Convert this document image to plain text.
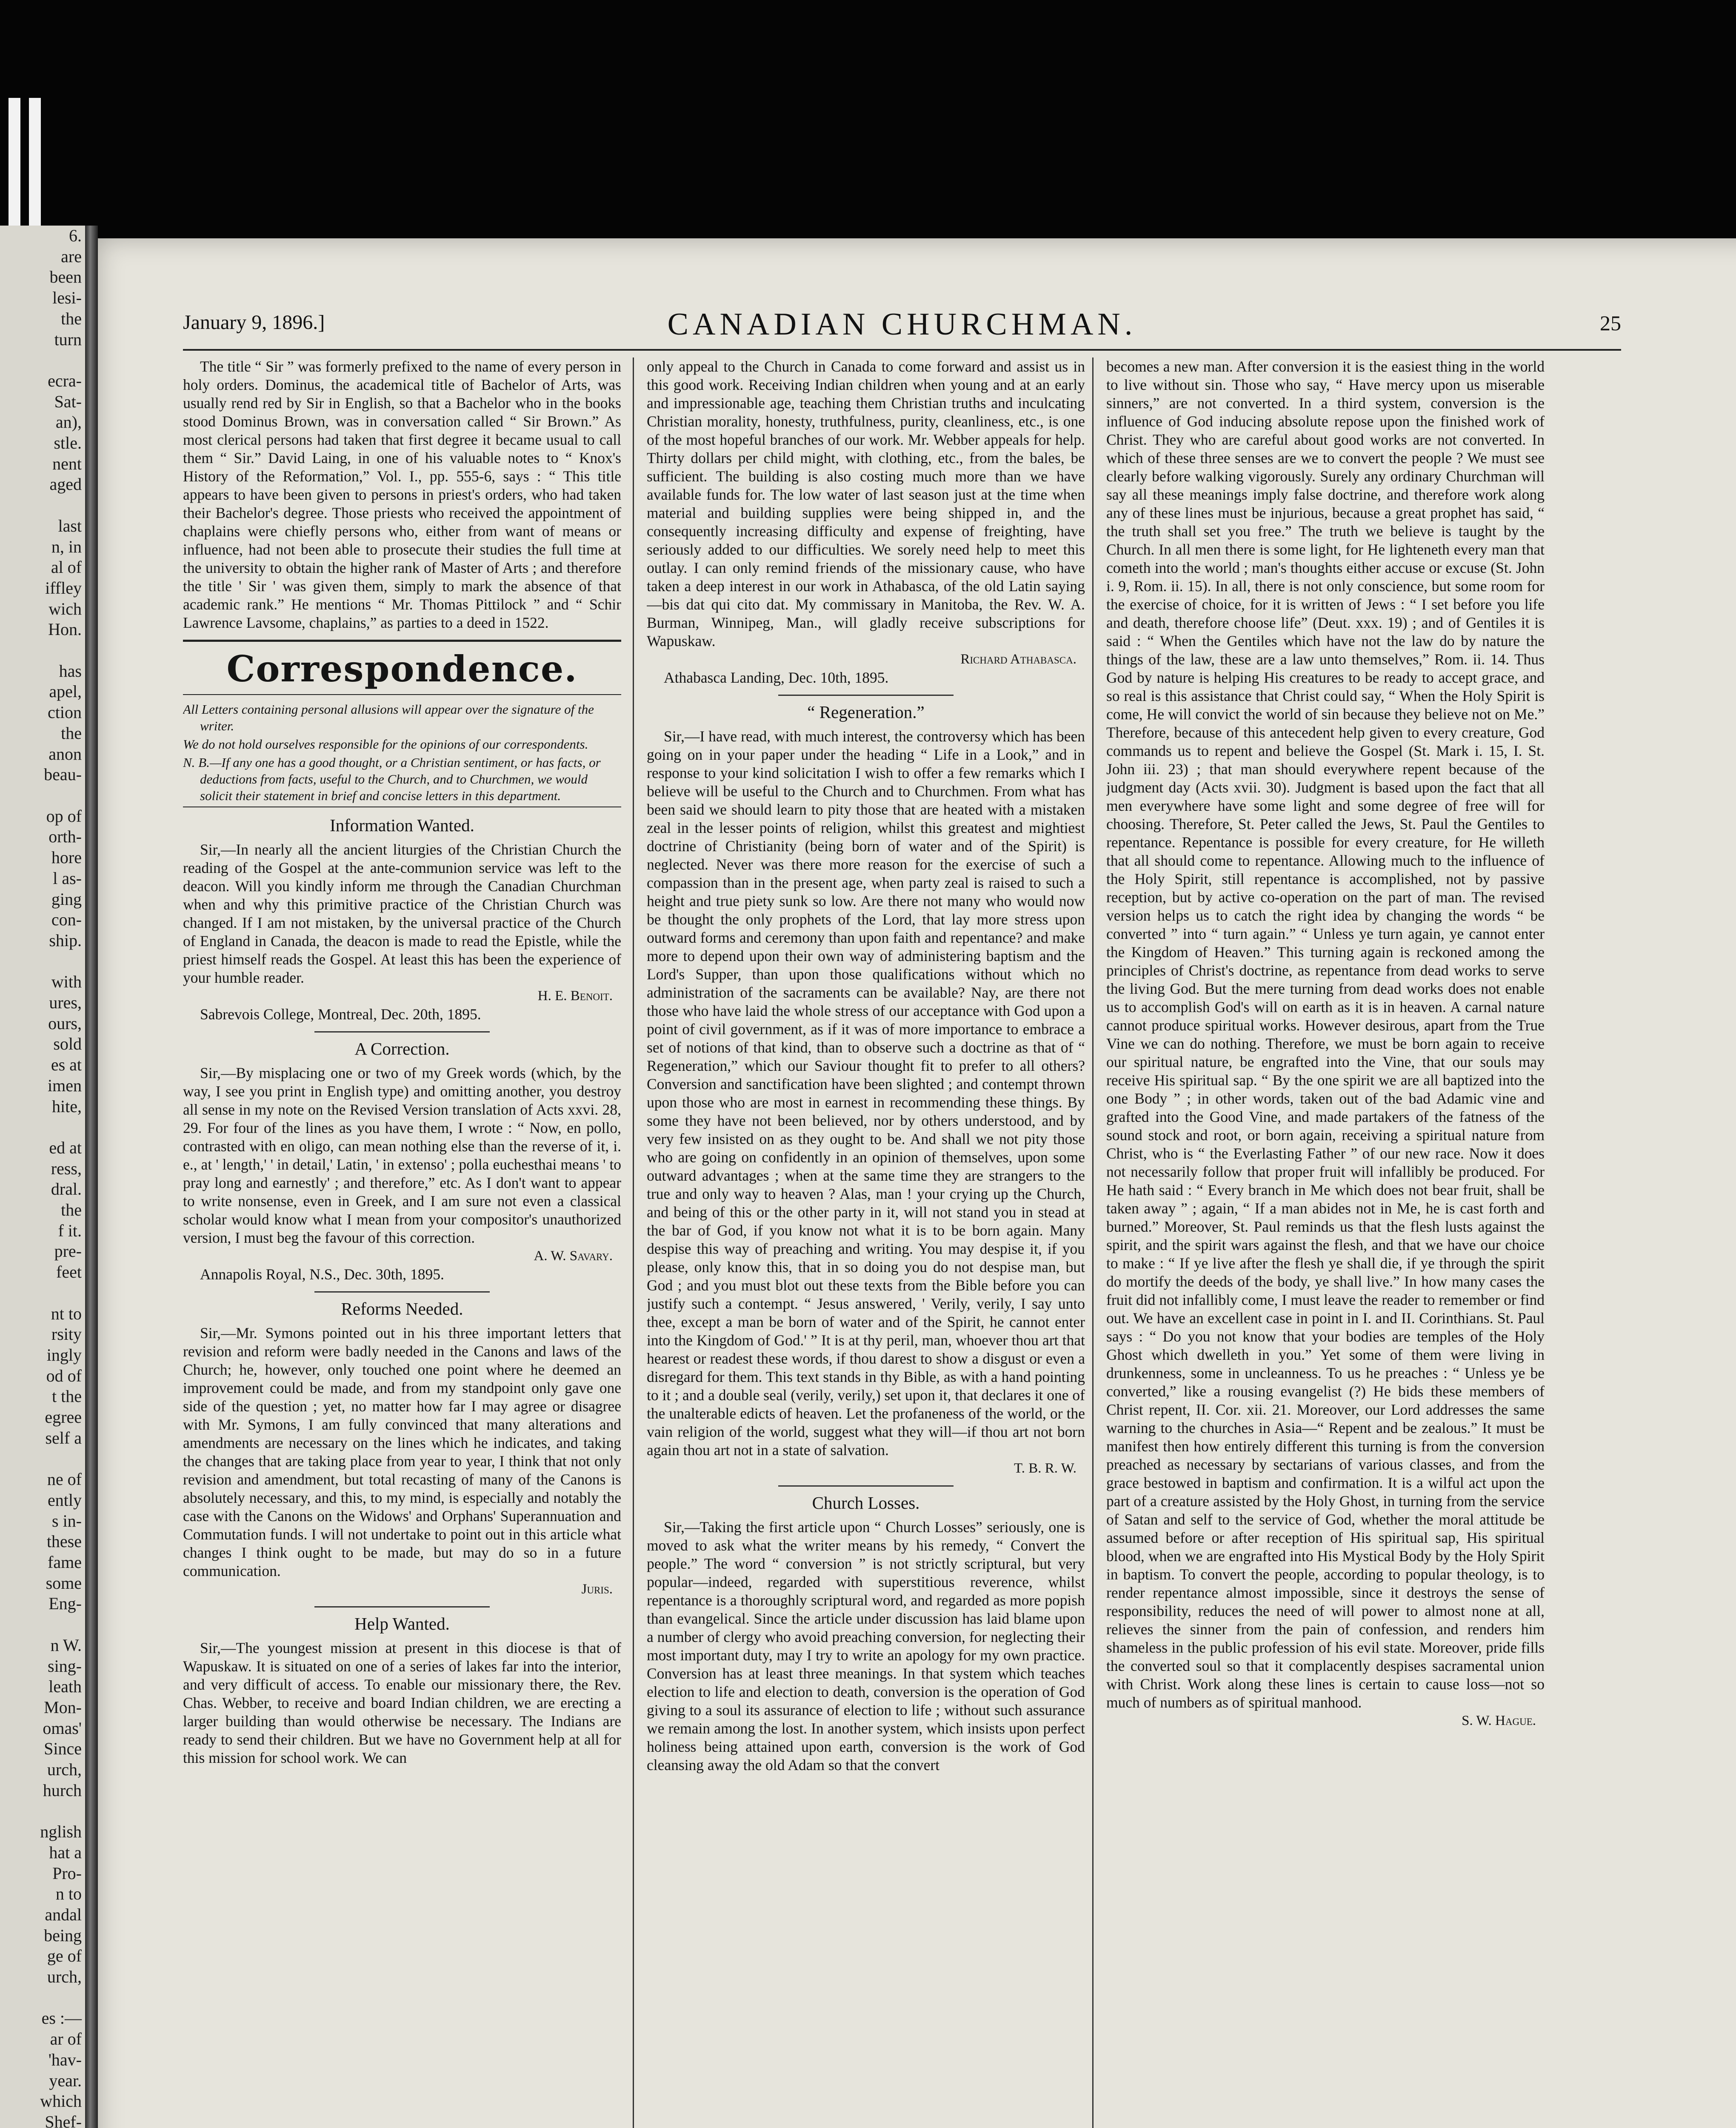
6.
are
been
lesi-
the
turn

ecra-
Sat-
an),
stle.
nent
aged

last
n, in
al of
iffley
wich
Hon.

has
apel,
ction
the
anon
beau-

op of
orth-
hore
l as-
ging
con-
ship.

with
ures,
ours,
sold
es at
imen
hite,

ed at
ress,
dral.
the
f it.
pre-
feet

nt to
rsity
ingly
od of
t the
egree
self a

ne of
ently
s in-
these
fame
some
Eng-

n W.
sing-
leath
Mon-
omas'
Since
urch,
hurch

nglish
hat a
Pro-
n to
andal
being
ge of
urch,

es :—
ar of
'hav-
year.
which
Shef-
January 9, 1896.]	CANADIAN CHURCHMAN.	25

The title “ Sir ” was formerly prefixed to the name of every person in holy orders. Dominus, the academical title of Bachelor of Arts, was usually rend red by Sir in English, so that a Bachelor who in the books stood Dominus Brown, was in conversation called “ Sir Brown.” As most clerical persons had taken that first degree it became usual to call them “ Sir.” David Laing, in one of his valuable notes to “ Knox's History of the Reformation,” Vol. I., pp. 555-6, says : “ This title appears to have been given to persons in priest's orders, who had taken their Bachelor's degree. Those priests who received the appointment of chaplains were chiefly persons who, either from want of means or influence, had not been able to prosecute their studies the full time at the university to obtain the higher rank of Master of Arts ; and therefore the title ' Sir ' was given them, simply to mark the absence of that academic rank.” He mentions “ Mr. Thomas Pittilock ” and “ Schir Lawrence Lavsome, chaplains,” as parties to a deed in 1522.

Correspondence.

All Letters containing personal allusions will appear over the signature of the writer.

We do not hold ourselves responsible for the opinions of our correspondents.

N. B.—If any one has a good thought, or a Christian sentiment, or has facts, or deductions from facts, useful to the Church, and to Churchmen, we would solicit their statement in brief and concise letters in this department.

Information Wanted.

Sir,—In nearly all the ancient liturgies of the Christian Church the reading of the Gospel at the ante-communion service was left to the deacon. Will you kindly inform me through the Canadian Churchman when and why this primitive practice of the Christian Church was changed. If I am not mistaken, by the universal practice of the Church of England in Canada, the deacon is made to read the Epistle, while the priest himself reads the Gospel. At least this has been the experience of your humble reader.

H. E. Benoit.

Sabrevois College, Montreal, Dec. 20th, 1895.

A Correction.

Sir,—By misplacing one or two of my Greek words (which, by the way, I see you print in English type) and omitting another, you destroy all sense in my note on the Revised Version translation of Acts xxvi. 28, 29. For four of the lines as you have them, I wrote : “ Now, en pollo, contrasted with en oligo, can mean nothing else than the reverse of it, i. e., at ' length,' ' in detail,' Latin, ' in extenso' ; polla euchesthai means ' to pray long and earnestly' ; and therefore,” etc. As I don't want to appear to write nonsense, even in Greek, and I am sure not even a classical scholar would know what I mean from your compositor's unauthorized version, I must beg the favour of this correction.

A. W. Savary.

Annapolis Royal, N.S., Dec. 30th, 1895.

Reforms Needed.

Sir,—Mr. Symons pointed out in his three important letters that revision and reform were badly needed in the Canons and laws of the Church; he, however, only touched one point where he deemed an improvement could be made, and from my standpoint only gave one side of the question ; yet, no matter how far I may agree or disagree with Mr. Symons, I am fully convinced that many alterations and amendments are necessary on the lines which he indicates, and taking the changes that are taking place from year to year, I think that not only revision and amendment, but total recasting of many of the Canons is absolutely necessary, and this, to my mind, is especially and notably the case with the Canons on the Widows' and Orphans' Superannuation and Commutation funds. I will not undertake to point out in this article what changes I think ought to be made, but may do so in a future communication.

Juris.

Help Wanted.

Sir,—The youngest mission at present in this diocese is that of Wapuskaw. It is situated on one of a series of lakes far into the interior, and very difficult of access. To enable our missionary there, the Rev. Chas. Webber, to receive and board Indian children, we are erecting a larger building than would otherwise be necessary. The Indians are ready to send their children. But we have no Government help at all for this mission for school work. We can

only appeal to the Church in Canada to come forward and assist us in this good work. Receiving Indian children when young and at an early and impressionable age, teaching them Christian truths and inculcating Christian morality, honesty, truthfulness, purity, cleanliness, etc., is one of the most hopeful branches of our work. Mr. Webber appeals for help. Thirty dollars per child might, with clothing, etc., from the bales, be sufficient. The building is also costing much more than we have available funds for. The low water of last season just at the time when material and building supplies were being shipped in, and the consequently increasing difficulty and expense of freighting, have seriously added to our difficulties. We sorely need help to meet this outlay. I can only remind friends of the missionary cause, who have taken a deep interest in our work in Athabasca, of the old Latin saying—bis dat qui cito dat. My commissary in Manitoba, the Rev. W. A. Burman, Winnipeg, Man., will gladly receive subscriptions for Wapuskaw.

Richard Athabasca.

Athabasca Landing, Dec. 10th, 1895.

“ Regeneration.”

Sir,—I have read, with much interest, the controversy which has been going on in your paper under the heading “ Life in a Look,” and in response to your kind solicitation I wish to offer a few remarks which I believe will be useful to the Church and to Churchmen. From what has been said we should learn to pity those that are heated with a mistaken zeal in the lesser points of religion, whilst this greatest and mightiest doctrine of Christianity (being born of water and of the Spirit) is neglected. Never was there more reason for the exercise of such a compassion than in the present age, when party zeal is raised to such a height and true piety sunk so low. Are there not many who would now be thought the only prophets of the Lord, that lay more stress upon outward forms and ceremony than upon faith and repentance? and make more to depend upon their own way of administering baptism and the Lord's Supper, than upon those qualifications without which no administration of the sacraments can be available? Nay, are there not those who have laid the whole stress of our acceptance with God upon a point of civil government, as if it was of more importance to embrace a set of notions of that kind, than to observe such a doctrine as that of “ Regeneration,” which our Saviour thought fit to prefer to all others? Conversion and sanctification have been slighted ; and contempt thrown upon those who are most in earnest in recommending these things. By some they have not been believed, nor by others understood, and by very few insisted on as they ought to be. And shall we not pity those who are going on confidently in an opinion of themselves, upon some outward advantages ; when at the same time they are strangers to the true and only way to heaven ? Alas, man ! your crying up the Church, and being of this or the other party in it, will not stand you in stead at the bar of God, if you know not what it is to be born again. Many despise this way of preaching and writing. You may despise it, if you please, only know this, that in so doing you do not despise man, but God ; and you must blot out these texts from the Bible before you can justify such a contempt. “ Jesus answered, ' Verily, verily, I say unto thee, except a man be born of water and of the Spirit, he cannot enter into the Kingdom of God.' ” It is at thy peril, man, whoever thou art that hearest or readest these words, if thou darest to show a disgust or even a disregard for them. This text stands in thy Bible, as with a hand pointing to it ; and a double seal (verily, verily,) set upon it, that declares it one of the unalterable edicts of heaven. Let the profaneness of the world, or the vain religion of the world, suggest what they will—if thou art not born again thou art not in a state of salvation.

T. B. R. W.

Church Losses.

Sir,—Taking the first article upon “ Church Losses” seriously, one is moved to ask what the writer means by his remedy, “ Convert the people.” The word “ conversion ” is not strictly scriptural, but very popular—indeed, regarded with superstitious reverence, whilst repentance is a thoroughly scriptural word, and regarded as more popish than evangelical. Since the article under discussion has laid blame upon a number of clergy who avoid preaching conversion, for neglecting their most important duty, may I try to write an apology for my own practice. Conversion has at least three meanings. In that system which teaches election to life and election to death, conversion is the operation of God giving to a soul its assurance of election to life ; without such assurance we remain among the lost. In another system, which insists upon perfect holiness being attained upon earth, conversion is the work of God cleansing away the old Adam so that the convert

becomes a new man. After conversion it is the easiest thing in the world to live without sin. Those who say, “ Have mercy upon us miserable sinners,” are not converted. In a third system, conversion is the influence of God inducing absolute repose upon the finished work of Christ. They who are careful about good works are not converted. In which of these three senses are we to convert the people ? We must see clearly before walking vigorously. Surely any ordinary Churchman will say all these meanings imply false doctrine, and therefore work along any of these lines must be injurious, because a great prophet has said, “ the truth shall set you free.” The truth we believe is taught by the Church. In all men there is some light, for He lighteneth every man that cometh into the world ; man's thoughts either accuse or excuse (St. John i. 9, Rom. ii. 15). In all, there is not only conscience, but some room for the exercise of choice, for it is written of Jews : “ I set before you life and death, therefore choose life” (Deut. xxx. 19) ; and of Gentiles it is said : “ When the Gentiles which have not the law do by nature the things of the law, these are a law unto themselves,” Rom. ii. 14. Thus God by nature is helping His creatures to be ready to accept grace, and so real is this assistance that Christ could say, “ When the Holy Spirit is come, He will convict the world of sin because they believe not on Me.” Therefore, because of this antecedent help given to every creature, God commands us to repent and believe the Gospel (St. Mark i. 15, I. St. John iii. 23) ; that man should everywhere repent because of the judgment day (Acts xvii. 30). Judgment is based upon the fact that all men everywhere have some light and some degree of free will for choosing. Therefore, St. Peter called the Jews, St. Paul the Gentiles to repentance. Repentance is possible for every creature, for He willeth that all should come to repentance. Allowing much to the influence of the Holy Spirit, still repentance is accomplished, not by passive reception, but by active co-operation on the part of man. The revised version helps us to catch the right idea by changing the words “ be converted ” into “ turn again.” “ Unless ye turn again, ye cannot enter the Kingdom of Heaven.” This turning again is reckoned among the principles of Christ's doctrine, as repentance from dead works to serve the living God. But the mere turning from dead works does not enable us to accomplish God's will on earth as it is in heaven. A carnal nature cannot produce spiritual works. However desirous, apart from the True Vine we can do nothing. Therefore, we must be born again to receive our spiritual nature, be engrafted into the Vine, that our souls may receive His spiritual sap. “ By the one spirit we are all baptized into the one Body ” ; in other words, taken out of the bad Adamic vine and grafted into the Good Vine, and made partakers of the fatness of the sound stock and root, or born again, receiving a spiritual nature from Christ, who is “ the Everlasting Father ” of our new race. Now it does not necessarily follow that proper fruit will infallibly be produced. For He hath said : “ Every branch in Me which does not bear fruit, shall be taken away ” ; again, “ If a man abides not in Me, he is cast forth and burned.” Moreover, St. Paul reminds us that the flesh lusts against the spirit, and the spirit wars against the flesh, and that we have our choice to make : “ If ye live after the flesh ye shall die, if ye through the spirit do mortify the deeds of the body, ye shall live.” In how many cases the fruit did not infallibly come, I must leave the reader to remember or find out. We have an excellent case in point in I. and II. Corinthians. St. Paul says : “ Do you not know that your bodies are temples of the Holy Ghost which dwelleth in you.” Yet some of them were living in drunkenness, some in uncleanness. To us he preaches : “ Unless ye be converted,” like a rousing evangelist (?) He bids these members of Christ repent, II. Cor. xii. 21. Moreover, our Lord addresses the same warning to the churches in Asia—“ Repent and be zealous.” It must be manifest then how entirely different this turning is from the conversion preached as necessary by sectarians of various classes, and from the grace bestowed in baptism and confirmation. It is a wilful act upon the part of a creature assisted by the Holy Ghost, in turning from the service of Satan and self to the service of God, whether the moral attitude be assumed before or after reception of His spiritual sap, His spiritual blood, when we are engrafted into His Mystical Body by the Holy Spirit in baptism. To convert the people, according to popular theology, is to render repentance almost impossible, since it destroys the sense of responsibility, reduces the need of will power to almost none at all, relieves the sinner from the pain of confession, and renders him shameless in the public profession of his evil state. Moreover, pride fills the converted soul so that it complacently despises sacramental union with Christ. Work along these lines is certain to cause loss—not so much of numbers as of spiritual manhood.

S. W. Hague.
